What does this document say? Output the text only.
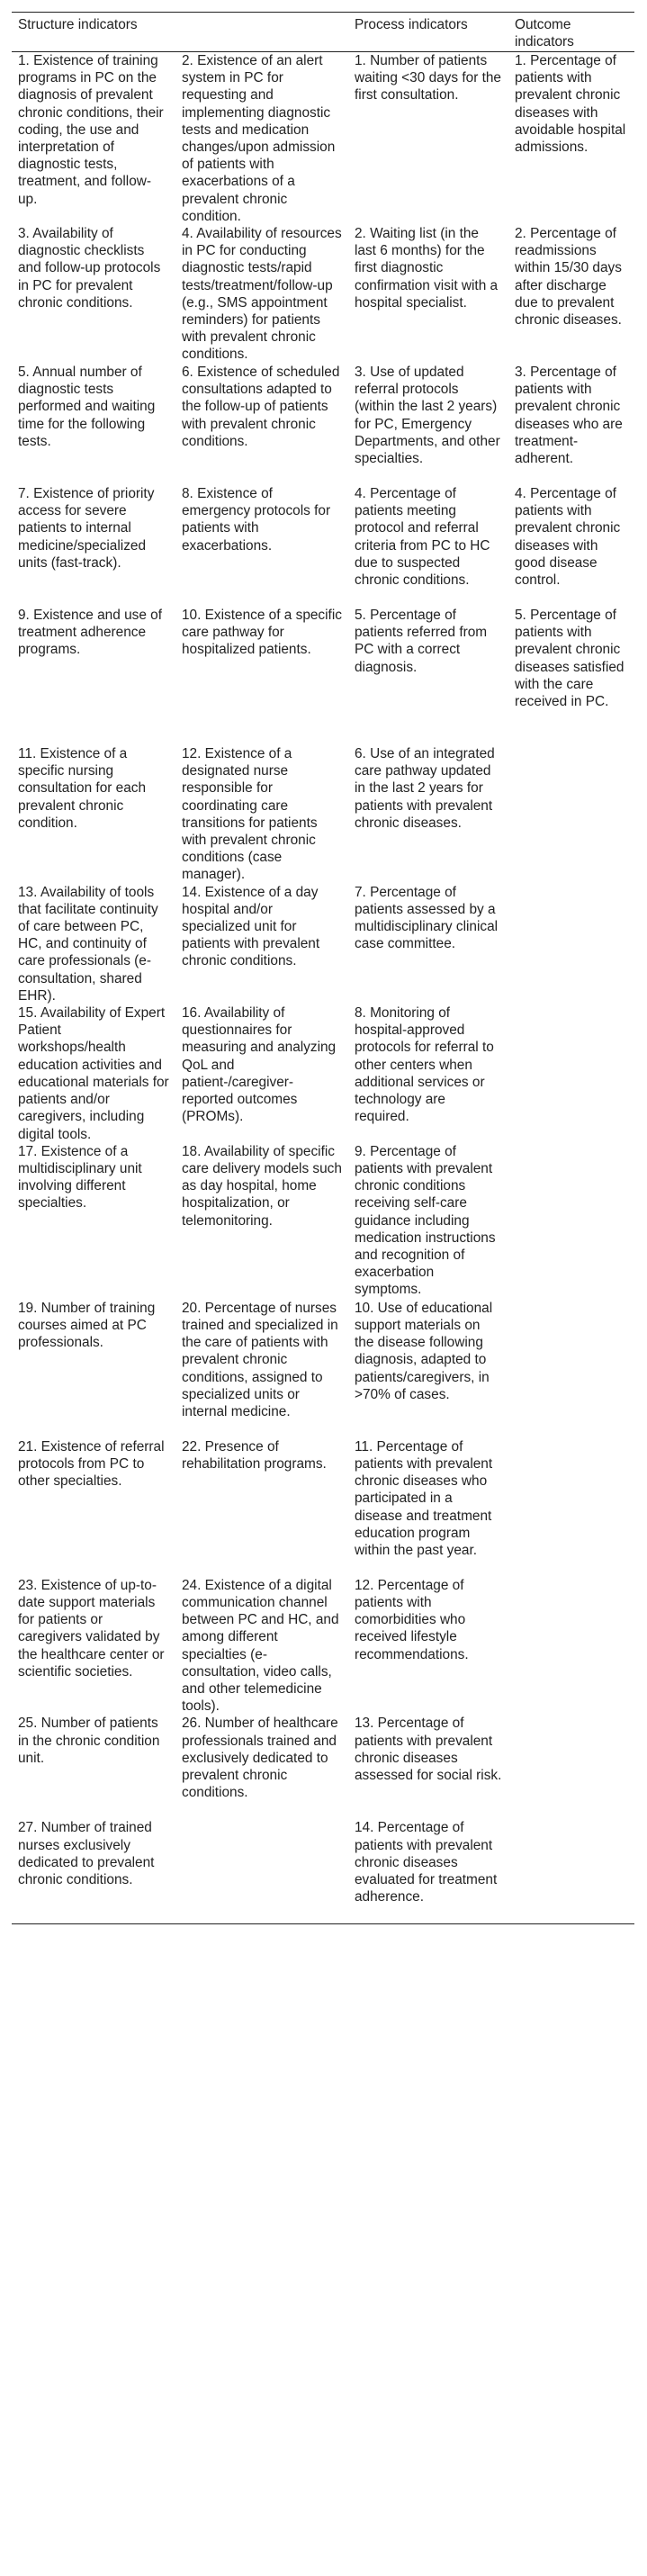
Structure indicators		Process indicators	Outcome indicators
1. Existence of training programs in PC on the diagnosis of prevalent chronic conditions, their coding, the use and interpretation of diagnostic tests, treatment, and follow-up.	2. Existence of an alert system in PC for requesting and implementing diagnostic tests and medication changes/upon admission of patients with exacerbations of a prevalent chronic condition.	1. Number of patients waiting <30 days for the first consultation.	1. Percentage of patients with prevalent chronic diseases with avoidable hospital admissions.
3. Availability of diagnostic checklists and follow-up protocols in PC for prevalent chronic conditions.	4. Availability of resources in PC for conducting diagnostic tests/rapid tests/treatment/follow-up (e.g., SMS appointment reminders) for patients with prevalent chronic conditions.	2. Waiting list (in the last 6 months) for the first diagnostic confirmation visit with a hospital specialist.	2. Percentage of readmissions within 15/30 days after discharge due to prevalent chronic diseases.
5. Annual number of diagnostic tests performed and waiting time for the following tests.	6. Existence of scheduled consultations adapted to the follow-up of patients with prevalent chronic conditions.	3. Use of updated referral protocols (within the last 2 years) for PC, Emergency Departments, and other specialties.	3. Percentage of patients with prevalent chronic diseases who are treatment-adherent.
7. Existence of priority access for severe patients to internal medicine/specialized units (fast-track).	8. Existence of emergency protocols for patients with exacerbations.	4. Percentage of patients meeting protocol and referral criteria from PC to HC due to suspected chronic conditions.	4. Percentage of patients with prevalent chronic diseases with good disease control.
9. Existence and use of treatment adherence programs.	10. Existence of a specific care pathway for hospitalized patients.	5. Percentage of patients referred from PC with a correct diagnosis.	5. Percentage of patients with prevalent chronic diseases satisfied with the care received in PC.
11. Existence of a specific nursing consultation for each prevalent chronic condition.	12. Existence of a designated nurse responsible for coordinating care transitions for patients with prevalent chronic conditions (case manager).	6. Use of an integrated care pathway updated in the last 2 years for patients with prevalent chronic diseases.	
13. Availability of tools that facilitate continuity of care between PC, HC, and continuity of care professionals (e-consultation, shared EHR).	14. Existence of a day hospital and/or specialized unit for patients with prevalent chronic conditions.	7. Percentage of patients assessed by a multidisciplinary clinical case committee.	
15. Availability of Expert Patient workshops/health education activities and educational materials for patients and/or caregivers, including digital tools.	16. Availability of questionnaires for measuring and analyzing QoL and patient-/caregiver-reported outcomes (PROMs).	8. Monitoring of hospital-approved protocols for referral to other centers when additional services or technology are required.	
17. Existence of a multidisciplinary unit involving different specialties.	18. Availability of specific care delivery models such as day hospital, home hospitalization, or telemonitoring.	9. Percentage of patients with prevalent chronic conditions receiving self-care guidance including medication instructions and recognition of exacerbation symptoms.	
19. Number of training courses aimed at PC professionals.	20. Percentage of nurses trained and specialized in the care of patients with prevalent chronic conditions, assigned to specialized units or internal medicine.	10. Use of educational support materials on the disease following diagnosis, adapted to patients/caregivers, in >70% of cases.	
21. Existence of referral protocols from PC to other specialties.	22. Presence of rehabilitation programs.	11. Percentage of patients with prevalent chronic diseases who participated in a disease and treatment education program within the past year.	
23. Existence of up-to-date support materials for patients or caregivers validated by the healthcare center or scientific societies.	24. Existence of a digital communication channel between PC and HC, and among different specialties (e-consultation, video calls, and other telemedicine tools).	12. Percentage of patients with comorbidities who received lifestyle recommendations.	
25. Number of patients in the chronic condition unit.	26. Number of healthcare professionals trained and exclusively dedicated to prevalent chronic conditions.	13. Percentage of patients with prevalent chronic diseases assessed for social risk.	
27. Number of trained nurses exclusively dedicated to prevalent chronic conditions.		14. Percentage of patients with prevalent chronic diseases evaluated for treatment adherence.	
